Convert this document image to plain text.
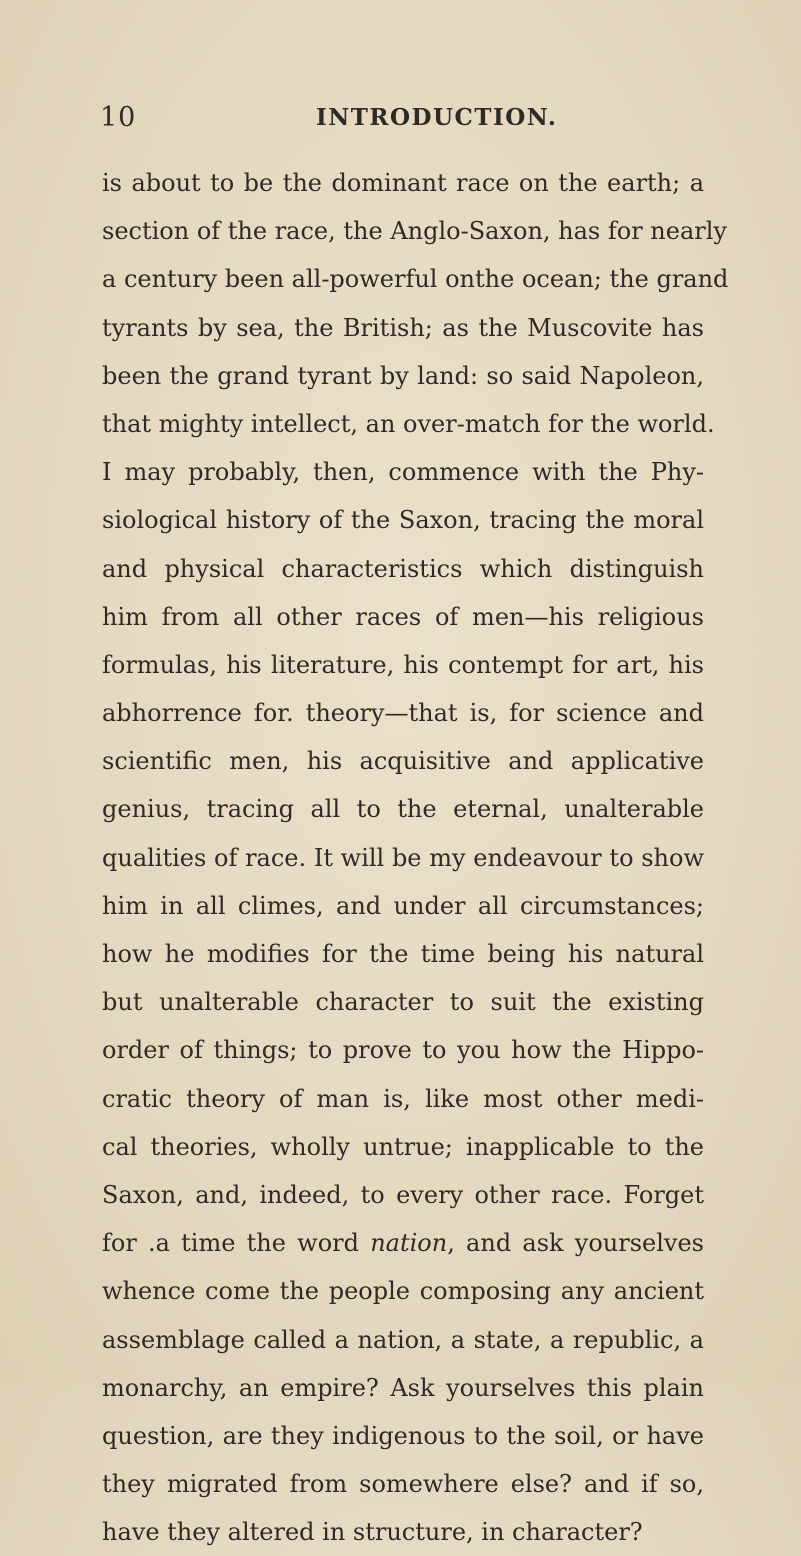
10	INTRODUCTION.
is about to be the dominant race on the earth; a
section of the race, the Anglo-Saxon, has for nearly
a century been all-powerful onthe ocean; the grand
tyrants by sea, the British; as the Muscovite has
been the grand tyrant by land: so said Napoleon,
that mighty intellect, an over-match for the world.
I may probably, then, commence with the Phy-
siological history of the Saxon, tracing the moral
and physical characteristics which distinguish
him from all other races of men—his religious
formulas, his literature, his contempt for art, his
abhorrence for. theory—that is, for science and
scientific men, his acquisitive and applicative
genius, tracing all to the eternal, unalterable
qualities of race. It will be my endeavour to show
him in all climes, and under all circumstances;
how he modifies for the time being his natural
but unalterable character to suit the existing
order of things; to prove to you how the Hippo-
cratic theory of man is, like most other medi-
cal theories, wholly untrue; inapplicable to the
Saxon, and, indeed, to every other race. Forget
for .a time the word nation, and ask yourselves
whence come the people composing any ancient
assemblage called a nation, a state, a republic, a
monarchy, an empire? Ask yourselves this plain
question, are they indigenous to the soil, or have
they migrated from somewhere else? and if so,
have they altered in structure, in character?
